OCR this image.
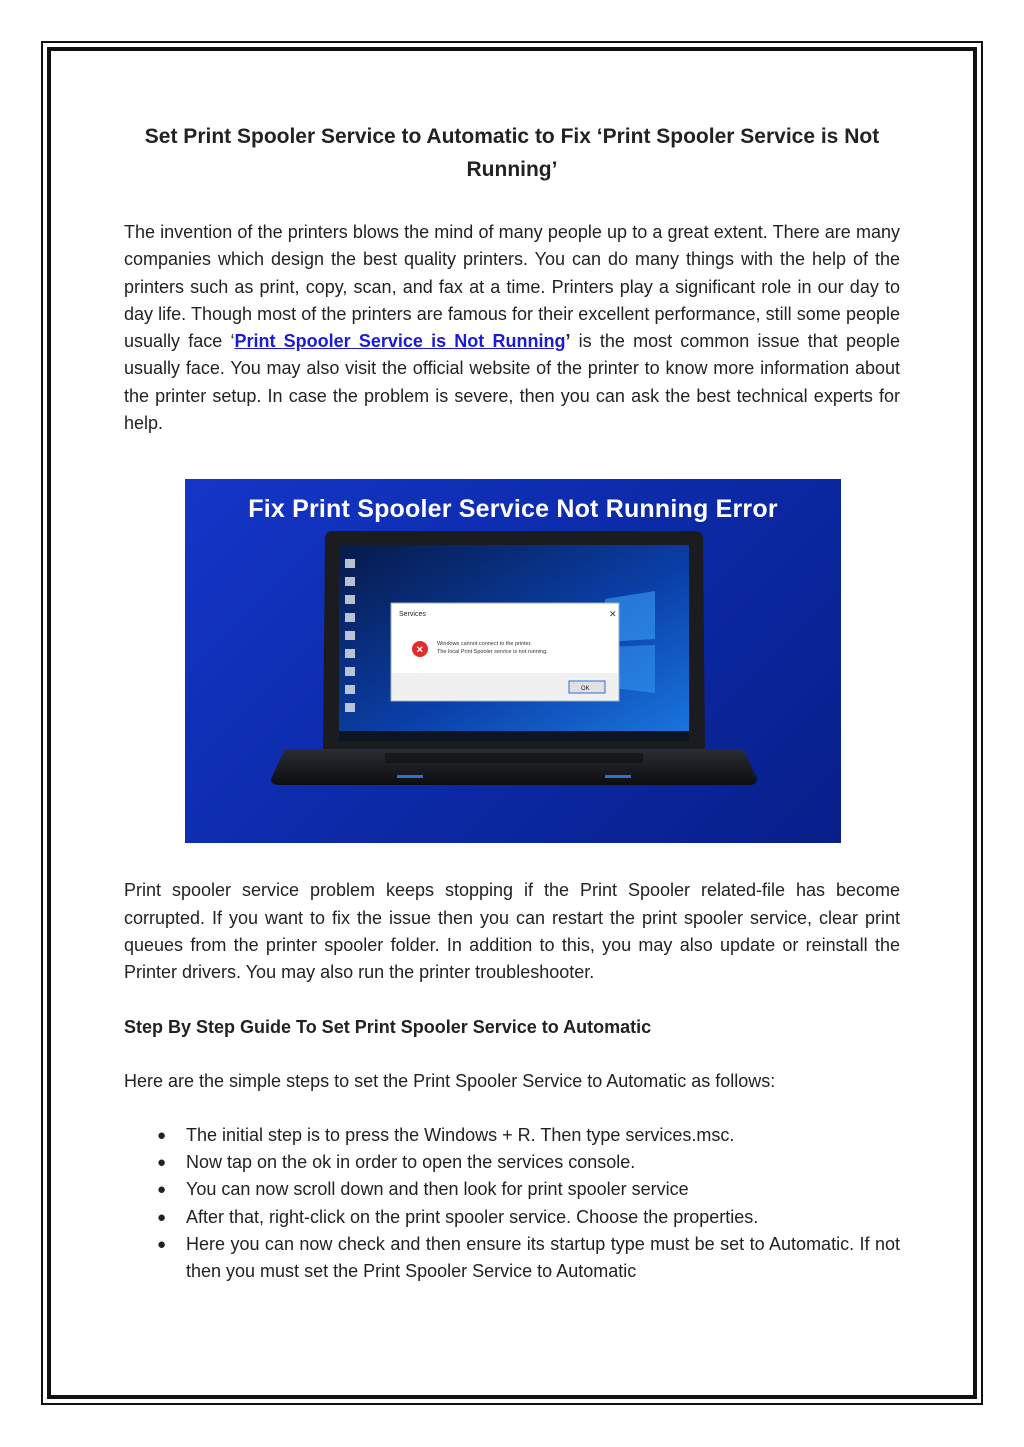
Set Print Spooler Service to Automatic to Fix ‘Print Spooler Service is Not Running’

The invention of the printers blows the mind of many people up to a great extent. There are many companies which design the best quality printers. You can do many things with the help of the printers such as print, copy, scan, and fax at a time. Printers play a significant role in our day to day life. Though most of the printers are famous for their excellent performance, still some people usually face ‘Print Spooler Service is Not Running’ is the most common issue that people usually face. You may also visit the official website of the printer to know more information about the printer setup. In case the problem is severe, then you can ask the best technical experts for help.

Fix Print Spooler Service Not Running Error
Services	✕
✕
Windows cannot connect to the printer.
The local Print Spooler service is not running.
OK

Print spooler service problem keeps stopping if the Print Spooler related-file has become corrupted. If you want to fix the issue then you can restart the print spooler service, clear print queues from the printer spooler folder. In addition to this, you may also update or reinstall the Printer drivers. You may also run the printer troubleshooter.

Step By Step Guide To Set Print Spooler Service to Automatic

Here are the simple steps to set the Print Spooler Service to Automatic as follows:

● The initial step is to press the Windows + R. Then type services.msc.
● Now tap on the ok in order to open the services console.
● You can now scroll down and then look for print spooler service
● After that, right-click on the print spooler service. Choose the properties.
● Here you can now check and then ensure its startup type must be set to Automatic. If not then you must set the Print Spooler Service to Automatic
